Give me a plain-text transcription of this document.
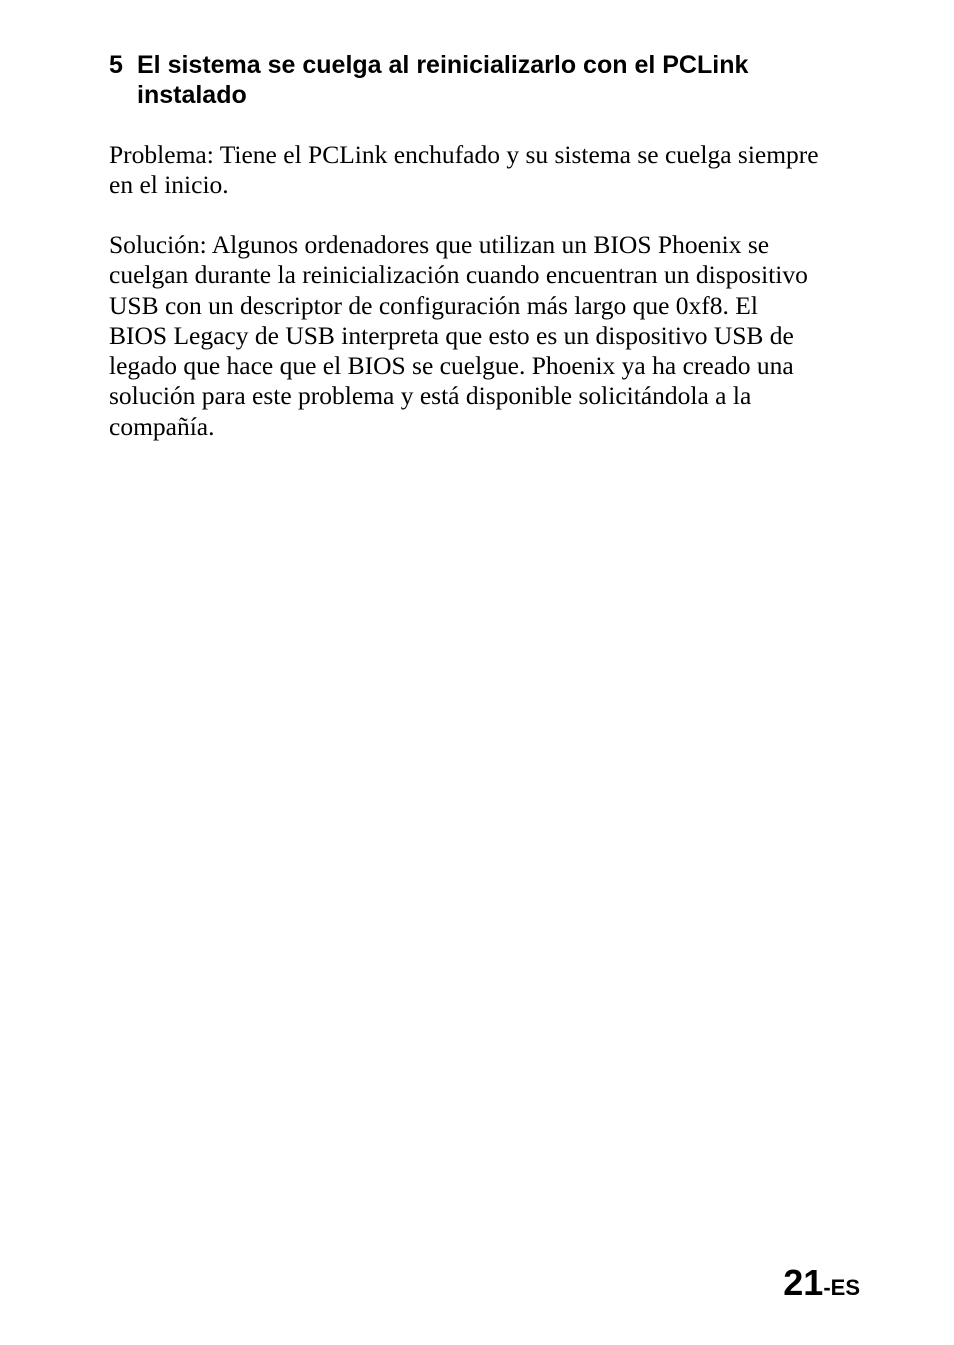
5 El sistema se cuelga al reinicializarlo con el PCLink
instalado

Problema: Tiene el PCLink enchufado y su sistema se cuelga siempre
en el inicio.

Solución: Algunos ordenadores que utilizan un BIOS Phoenix se
cuelgan durante la reinicialización cuando encuentran un dispositivo
USB con un descriptor de configuración más largo que 0xf8. El
BIOS Legacy de USB interpreta que esto es un dispositivo USB de
legado que hace que el BIOS se cuelgue. Phoenix ya ha creado una
solución para este problema y está disponible solicitándola a la
compañía.

21-ES
